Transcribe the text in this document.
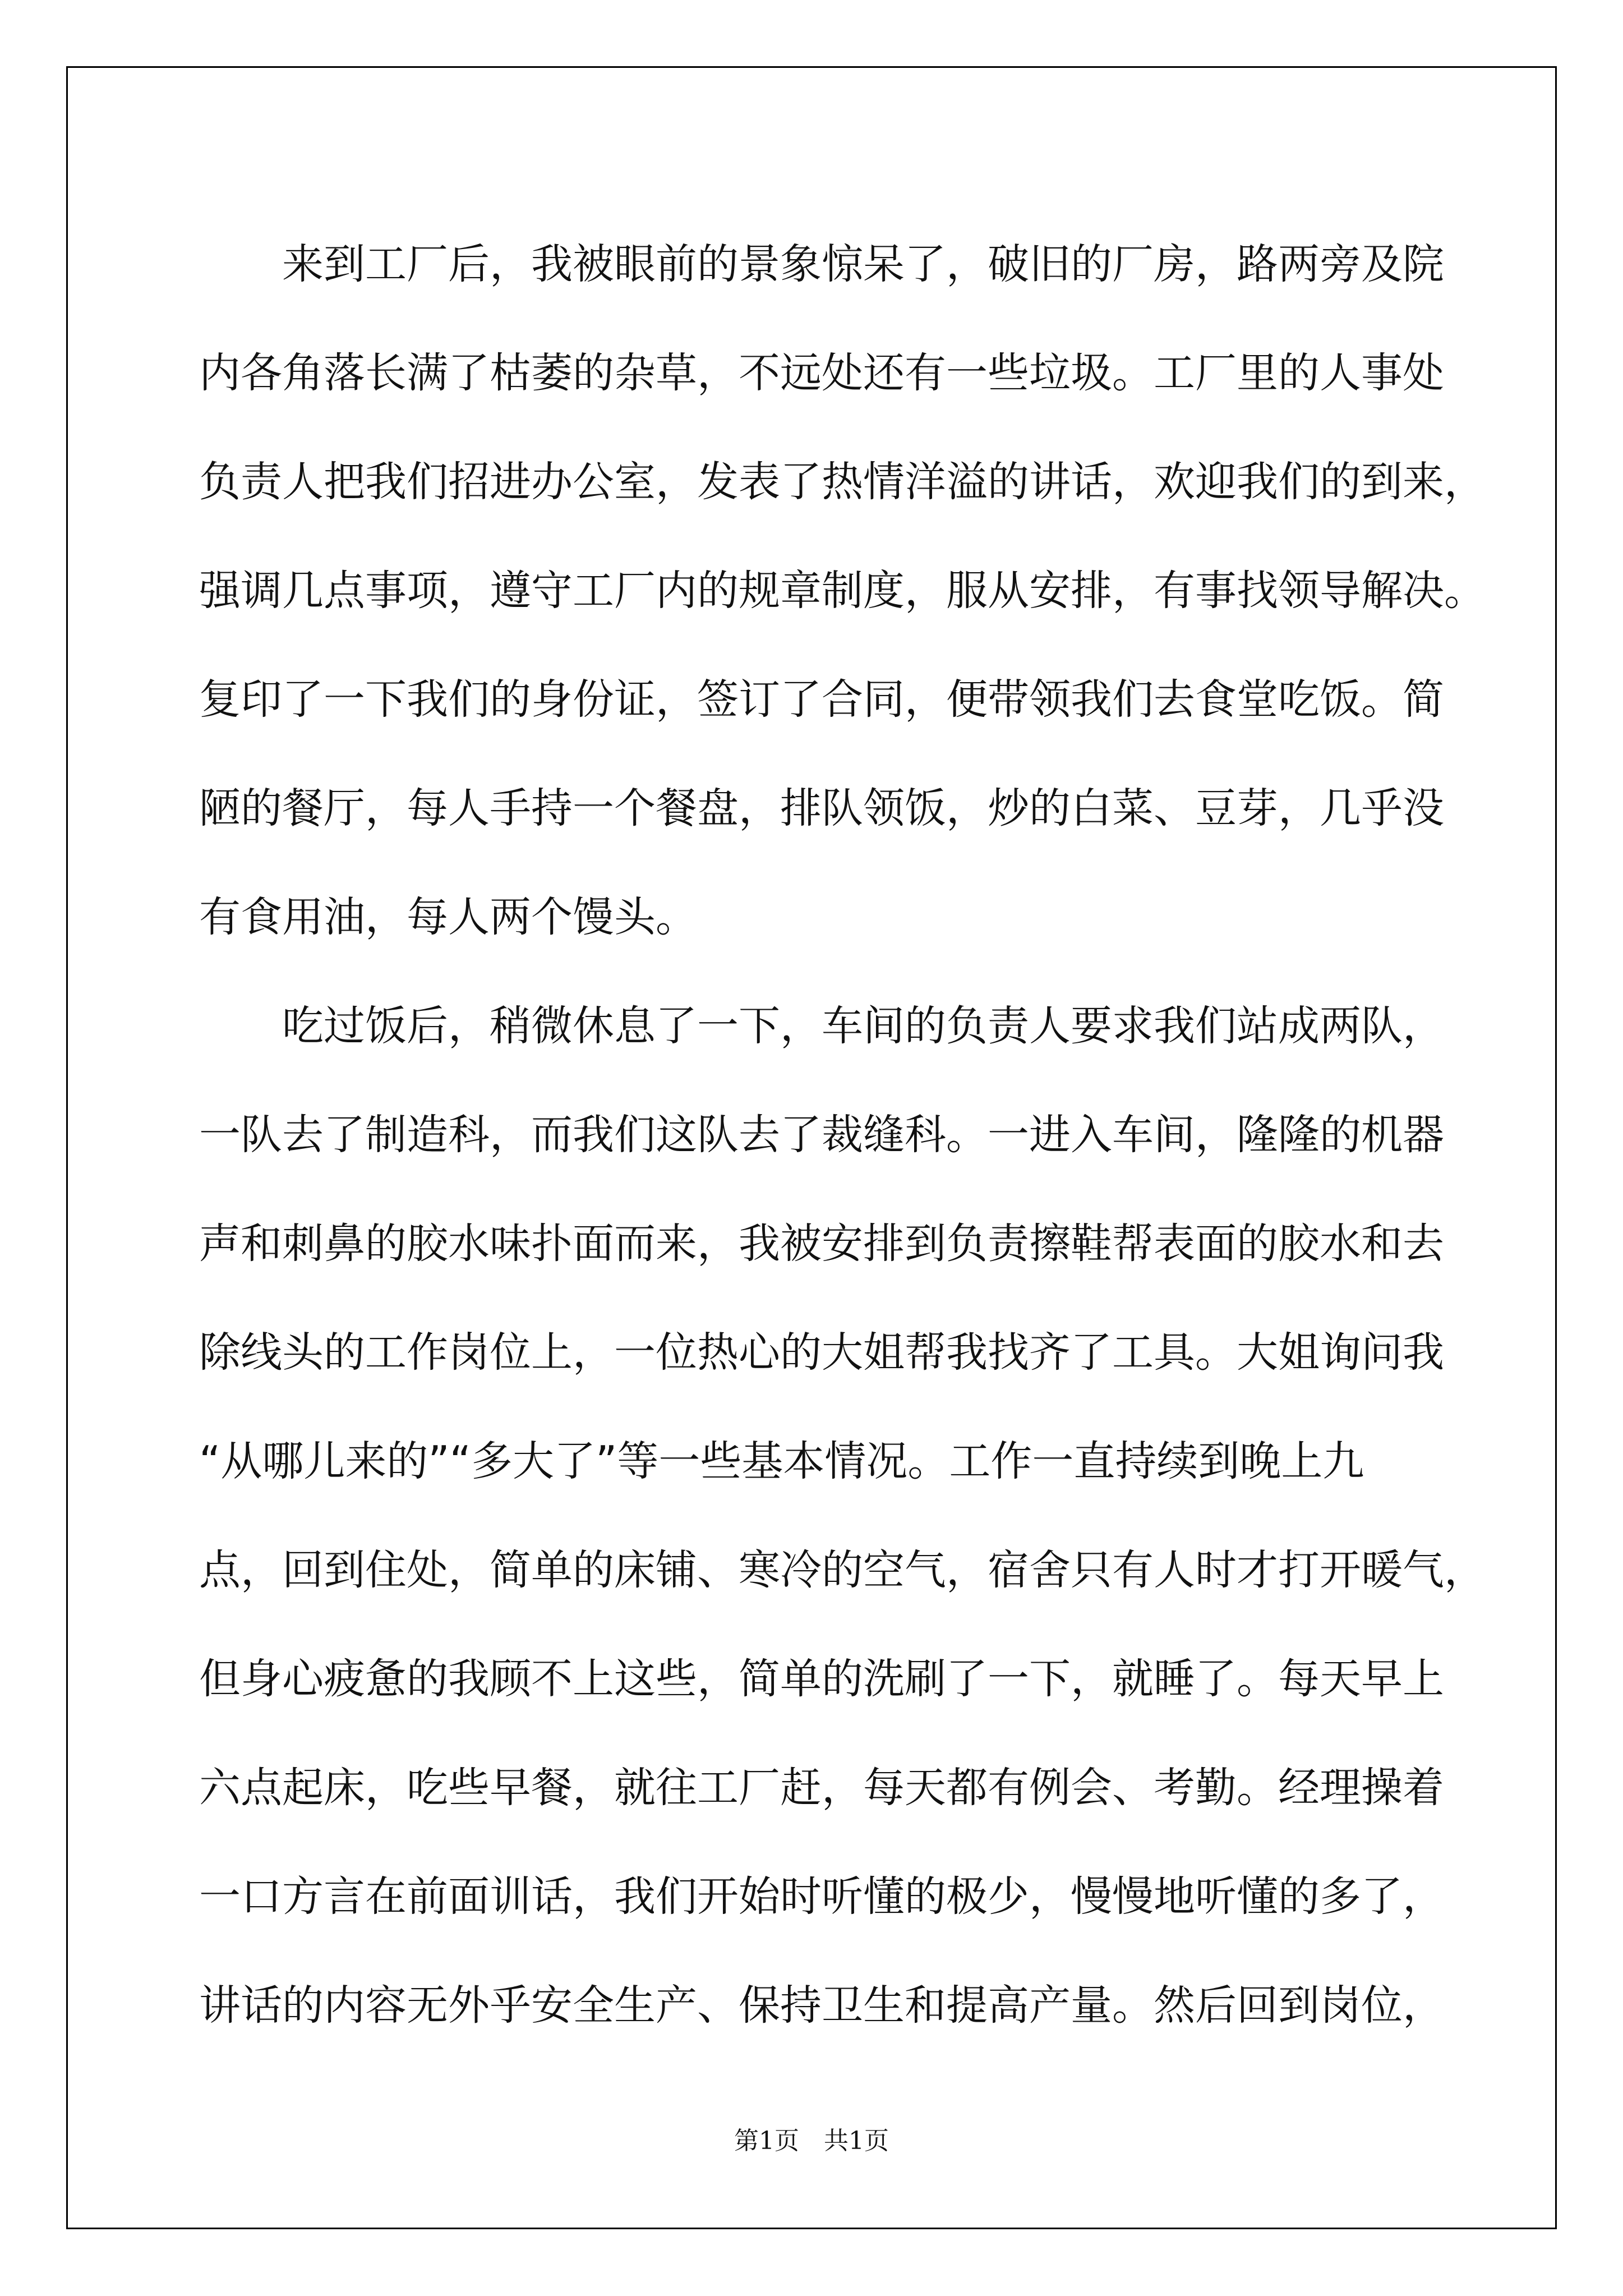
　　来到工厂后，我被眼前的景象惊呆了，破旧的厂房，路两旁及院
内各角落长满了枯萎的杂草，不远处还有一些垃圾。工厂里的人事处
负责人把我们招进办公室，发表了热情洋溢的讲话，欢迎我们的到来，
强调几点事项，遵守工厂内的规章制度，服从安排，有事找领导解决。
复印了一下我们的身份证，签订了合同，便带领我们去食堂吃饭。简
陋的餐厅，每人手持一个餐盘，排队领饭，炒的白菜、豆芽，几乎没
有食用油，每人两个馒头。
　　吃过饭后，稍微休息了一下，车间的负责人要求我们站成两队，
一队去了制造科，而我们这队去了裁缝科。一进入车间，隆隆的机器
声和刺鼻的胶水味扑面而来，我被安排到负责擦鞋帮表面的胶水和去
除线头的工作岗位上，一位热心的大姐帮我找齐了工具。大姐询问我
“从哪儿来的”“多大了”等一些基本情况。工作一直持续到晚上九
点，回到住处，简单的床铺、寒冷的空气，宿舍只有人时才打开暖气，
但身心疲惫的我顾不上这些，简单的洗刷了一下，就睡了。每天早上
六点起床，吃些早餐，就往工厂赶，每天都有例会、考勤。经理操着
一口方言在前面训话，我们开始时听懂的极少，慢慢地听懂的多了，
讲话的内容无外乎安全生产、保持卫生和提高产量。然后回到岗位，
第1页　共1页
